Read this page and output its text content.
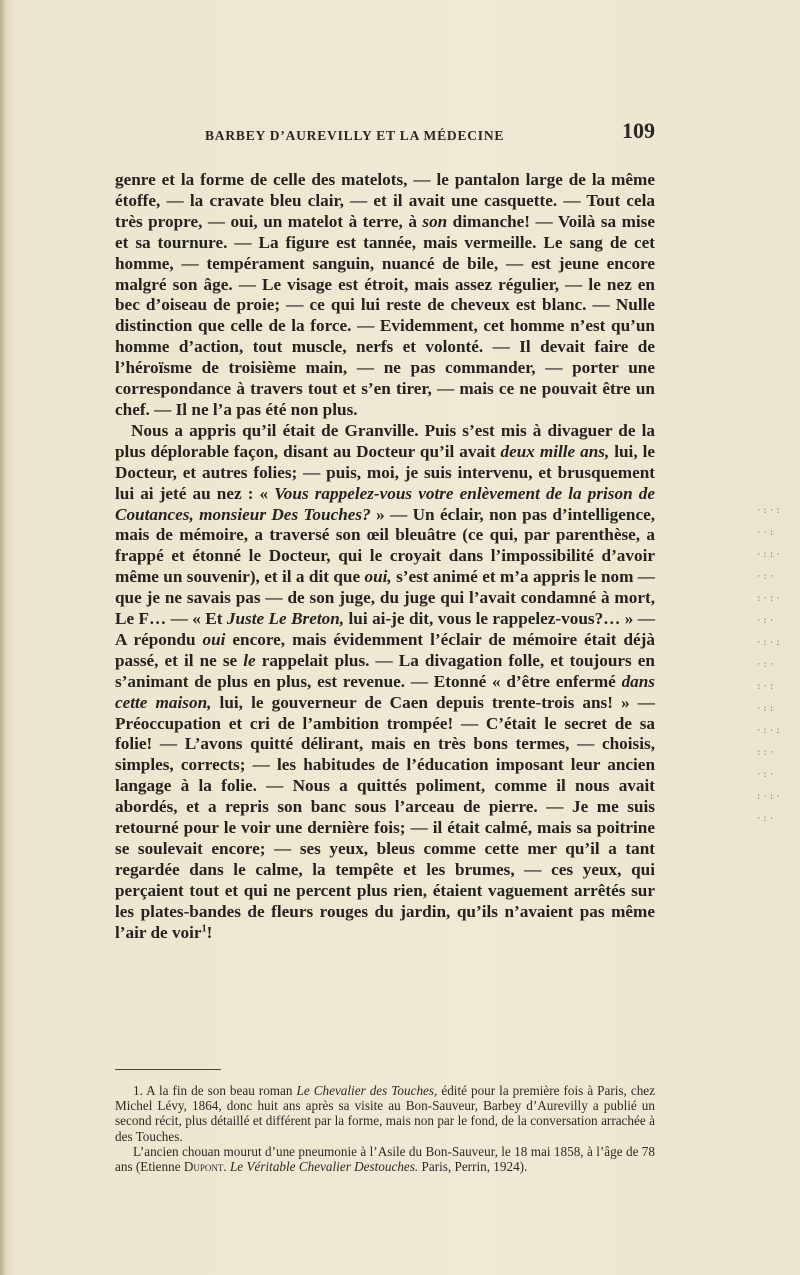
BARBEY D’AUREVILLY ET LA MÉDECINE	109

genre et la forme de celle des matelots, — le pantalon large de la même étoffe, — la cravate bleu clair, — et il avait une casquette. — Tout cela très propre, — oui, un matelot à terre, à son dimanche! — Voilà sa mise et sa tournure. — La figure est tannée, mais vermeille. Le sang de cet homme, — tempérament sanguin, nuancé de bile, — est jeune encore malgré son âge. — Le visage est étroit, mais assez régulier, — le nez en bec d’oiseau de proie; — ce qui lui reste de cheveux est blanc. — Nulle distinction que celle de la force. — Evidemment, cet homme n’est qu’un homme d’action, tout muscle, nerfs et volonté. — Il devait faire de l’héroïsme de troisième main, — ne pas commander, — porter une correspondance à travers tout et s’en tirer, — mais ce ne pouvait être un chef. — Il ne l’a pas été non plus.

Nous a appris qu’il était de Granville. Puis s’est mis à divaguer de la plus déplorable façon, disant au Docteur qu’il avait deux mille ans, lui, le Docteur, et autres folies; — puis, moi, je suis intervenu, et brusquement lui ai jeté au nez : « Vous rappelez-vous votre enlèvement de la prison de Coutances, monsieur Des Touches? » — Un éclair, non pas d’intelligence, mais de mémoire, a traversé son œil bleuâtre (ce qui, par parenthèse, a frappé et étonné le Docteur, qui le croyait dans l’impossibilité d’avoir même un souvenir), et il a dit que oui, s’est animé et m’a appris le nom — que je ne savais pas — de son juge, du juge qui l’avait condamné à mort, Le F… — « Et Juste Le Breton, lui ai-je dit, vous le rappelez-vous?… » — A répondu oui encore, mais évidemment l’éclair de mémoire était déjà passé, et il ne se le rappelait plus. — La divagation folle, et toujours en s’animant de plus en plus, est revenue. — Etonné « d’être enfermé dans cette maison, lui, le gouverneur de Caen depuis trente-trois ans! » — Préoccupation et cri de l’ambition trompée! — C’était le secret de sa folie! — L’avons quitté délirant, mais en très bons termes, — choisis, simples, corrects; — les habitudes de l’éducation imposant leur ancien langage à la folie. — Nous a quittés poliment, comme il nous avait abordés, et a repris son banc sous l’arceau de pierre. — Je me suis retourné pour le voir une dernière fois; — il était calmé, mais sa poitrine se soulevait encore; — ses yeux, bleus comme cette mer qu’il a tant regardée dans le calme, la tempête et les brumes, — ces yeux, qui perçaient tout et qui ne percent plus rien, étaient vaguement arrêtés sur les plates-bandes de fleurs rouges du jardin, qu’ils n’avaient pas même l’air de voir$^1$!

1. A la fin de son beau roman Le Chevalier des Touches, édité pour la première fois à Paris, chez Michel Lévy, 1864, donc huit ans après sa visite au Bon-Sauveur, Barbey d’Aurevilly a publié un second récit, plus détaillé et différent par la forme, mais non par le fond, de la conversation arrachée à des Touches.

L’ancien chouan mourut d’une pneumonie à l’Asile du Bon-Sauveur, le 18 mai 1858, à l’âge de 78 ans (Etienne Dupont. Le Véritable Chevalier Destouches. Paris, Perrin, 1924).

·:·:
··:
·::·
·:·
:·:·
·:·
·:·:
·:·
:·:
·::
·:·:
::·
·:·
:·:·
·:·
